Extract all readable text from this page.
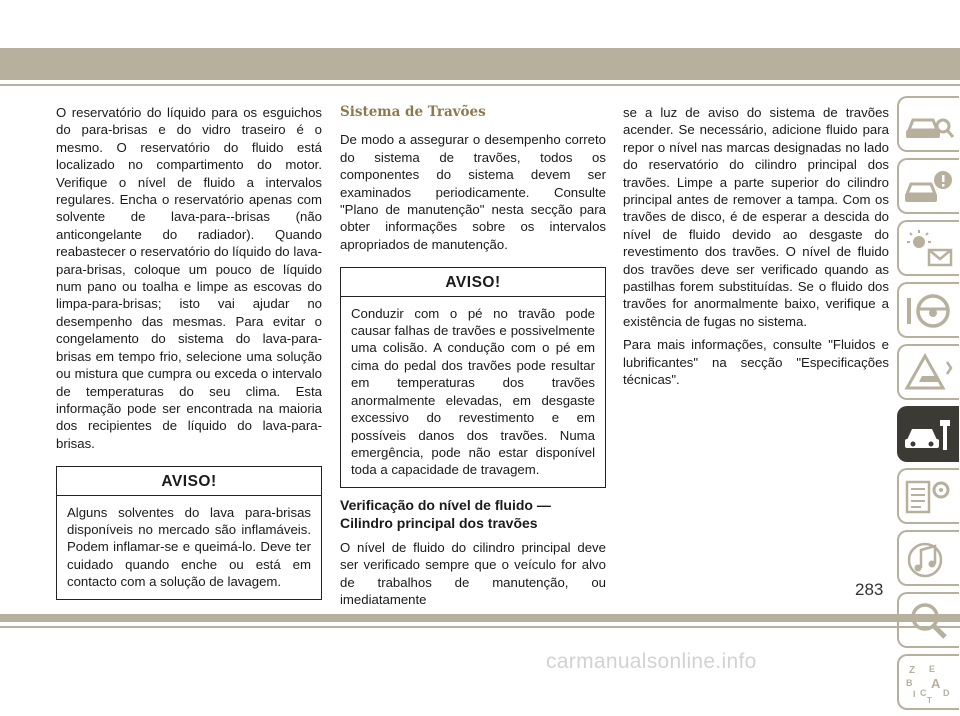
O reservatório do líquido para os esguichos do para-brisas e do vidro traseiro é o mesmo. O reservatório do fluido está localizado no compartimento do motor. Verifique o nível de fluido a intervalos regulares. Encha o reservatório apenas com solvente de lava-para--brisas (não anticongelante do radiador). Quando reabastecer o reservatório do líquido do lava-para-brisas, coloque um pouco de líquido num pano ou toalha e limpe as escovas do limpa-para-brisas; isto vai ajudar no desempenho das mesmas. Para evitar o congelamento do sistema do lava-para-brisas em tempo frio, selecione uma solução ou mistura que cumpra ou exceda o intervalo de temperaturas do seu clima. Esta informação pode ser encontrada na maioria dos recipientes de líquido do lava-para-brisas.

AVISO!
Alguns solventes do lava para-brisas disponíveis no mercado são inflamáveis. Podem inflamar-se e queimá-lo. Deve ter cuidado quando enche ou está em contacto com a solução de lavagem.
Sistema de Travões

De modo a assegurar o desempenho correto do sistema de travões, todos os componentes do sistema devem ser examinados periodicamente. Consulte "Plano de manutenção" nesta secção para obter informações sobre os intervalos apropriados de manutenção.

AVISO!
Conduzir com o pé no travão pode causar falhas de travões e possivelmente uma colisão. A condução com o pé em cima do pedal dos travões pode resultar em temperaturas dos travões anormalmente elevadas, em desgaste excessivo do revestimento e em possíveis danos dos travões. Numa emergência, pode não estar disponível toda a capacidade de travagem.
Verificação do nível de fluido — Cilindro principal dos travões

O nível de fluido do cilindro principal deve ser verificado sempre que o veículo for alvo de trabalhos de manutenção, ou imediatamente

se a luz de aviso do sistema de travões acender. Se necessário, adicione fluido para repor o nível nas marcas designadas no lado do reservatório do cilindro principal dos travões. Limpe a parte superior do cilindro principal antes de remover a tampa. Com os travões de disco, é de esperar a descida do nível de fluido devido ao desgaste do revestimento dos travões. O nível de fluido dos travões deve ser verificado quando as pastilhas forem substituídas. Se o fluido dos travões for anormalmente baixo, verifique a existência de fugas no sistema.

Para mais informações, consulte "Fluidos e lubrificantes" na secção "Especificações técnicas".

Z E
B A
I C D
T
283
carmanualsonline.info
